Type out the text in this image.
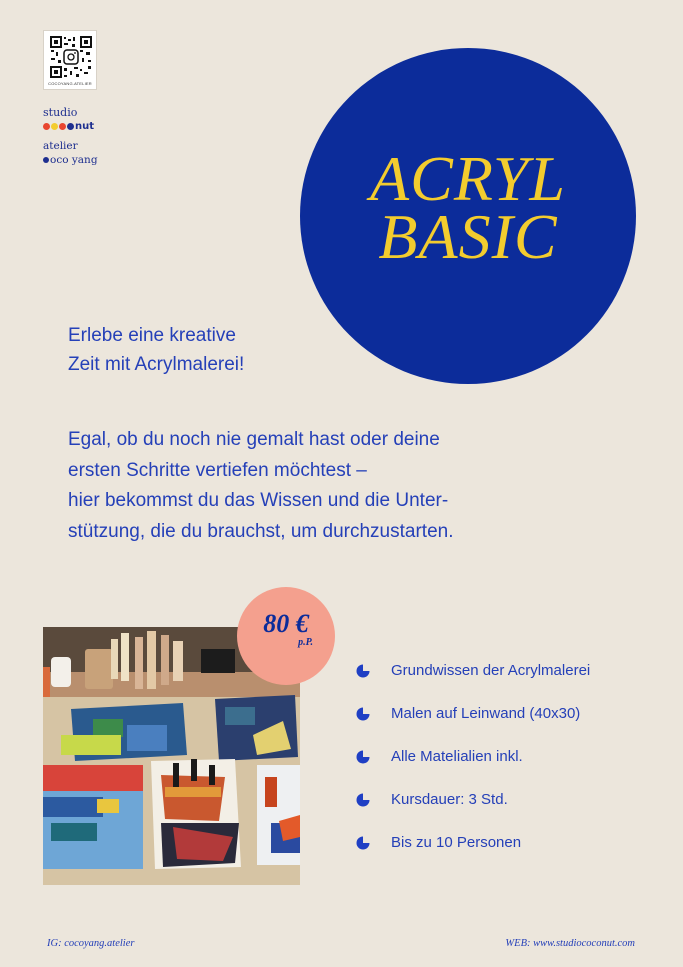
COCOYANG.ATELIER
studio
nut
atelier
oco yang	ACRYL
BASIC
Erlebe eine kreative
Zeit mit Acrylmalerei!
Egal, ob du noch nie gemalt hast oder deine
ersten Schritte vertiefen möchtest –
hier bekommst du das Wissen und die Unter-
stützung, die du brauchst, um durchzustarten.
80 €
p.P.
Grundwissen der Acrylmalerei
Malen auf Leinwand (40x30)
Alle Matelialien inkl.
Kursdauer: 3 Std.
Bis zu 10 Personen
IG: cocoyang.atelier	WEB: www.studiococonut.com
